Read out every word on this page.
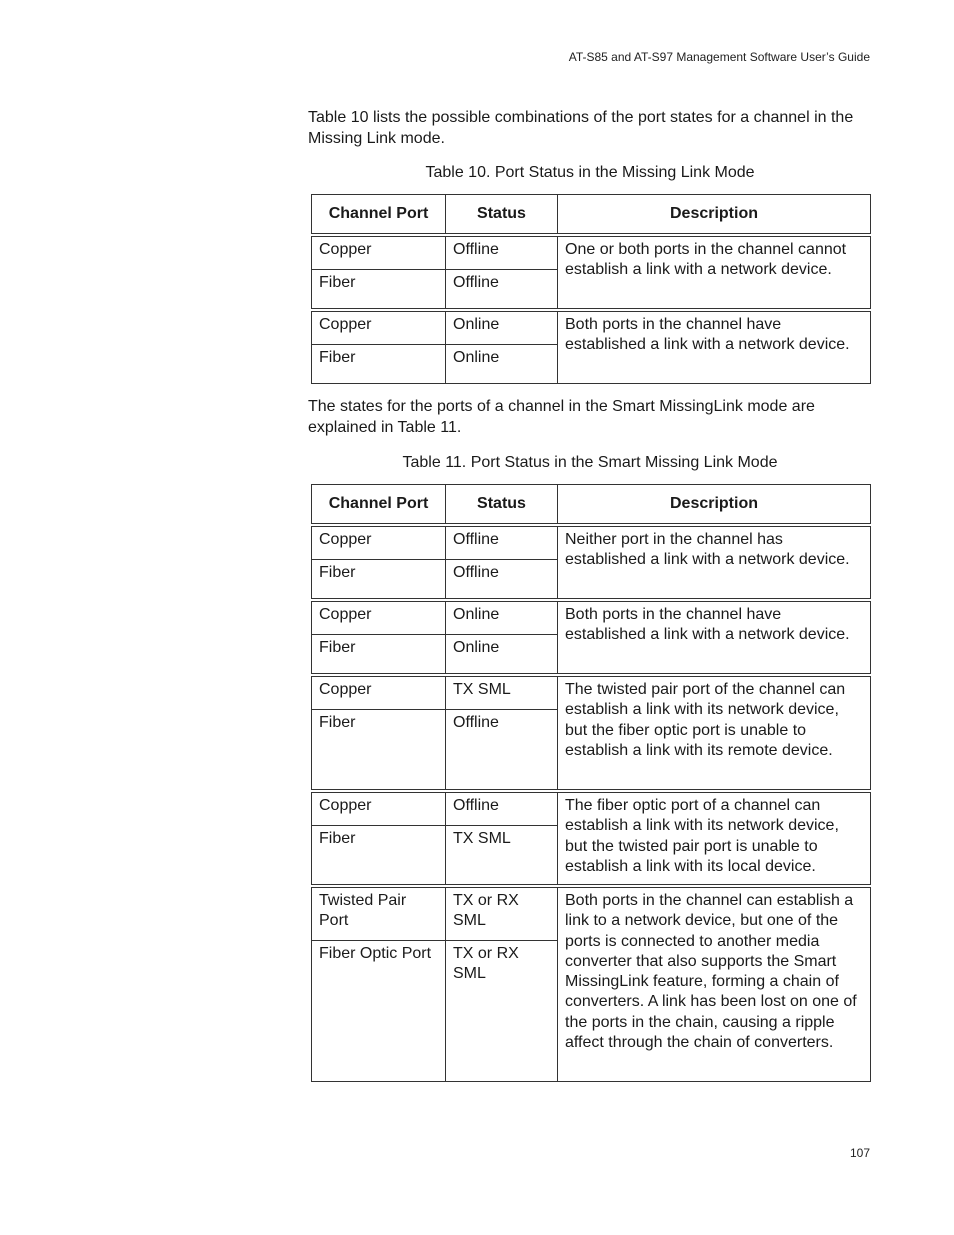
AT-S85 and AT-S97 Management Software User’s Guide

Table 10 lists the possible combinations of the port states for a channel in the Missing Link mode.

Table 10. Port Status in the Missing Link Mode

Channel Port	Status	Description
Copper	Offline	One or both ports in the channel cannot establish a link with a network device.
Fiber	Offline	
Copper	Online	Both ports in the channel have established a link with a network device.
Fiber	Online	

The states for the ports of a channel in the Smart MissingLink mode are explained in Table 11.

Table 11. Port Status in the Smart Missing Link Mode

Channel Port	Status	Description
Copper	Offline	Neither port in the channel has established a link with a network device.
Fiber	Offline	
Copper	Online	Both ports in the channel have established a link with a network device.
Fiber	Online	
Copper	TX SML	The twisted pair port of the channel can establish a link with its network device, but the fiber optic port is unable to establish a link with its remote device.
Fiber	Offline	
Copper	Offline	The fiber optic port of a channel can establish a link with its network device, but the twisted pair port is unable to establish a link with its local device.
Fiber	TX SML	
Twisted Pair Port	TX or RX SML	Both ports in the channel can establish a link to a network device, but one of the ports is connected to another media converter that also supports the Smart MissingLink feature, forming a chain of converters. A link has been lost on one of the ports in the chain, causing a ripple affect through the chain of converters.
Fiber Optic Port	TX or RX SML	
107
